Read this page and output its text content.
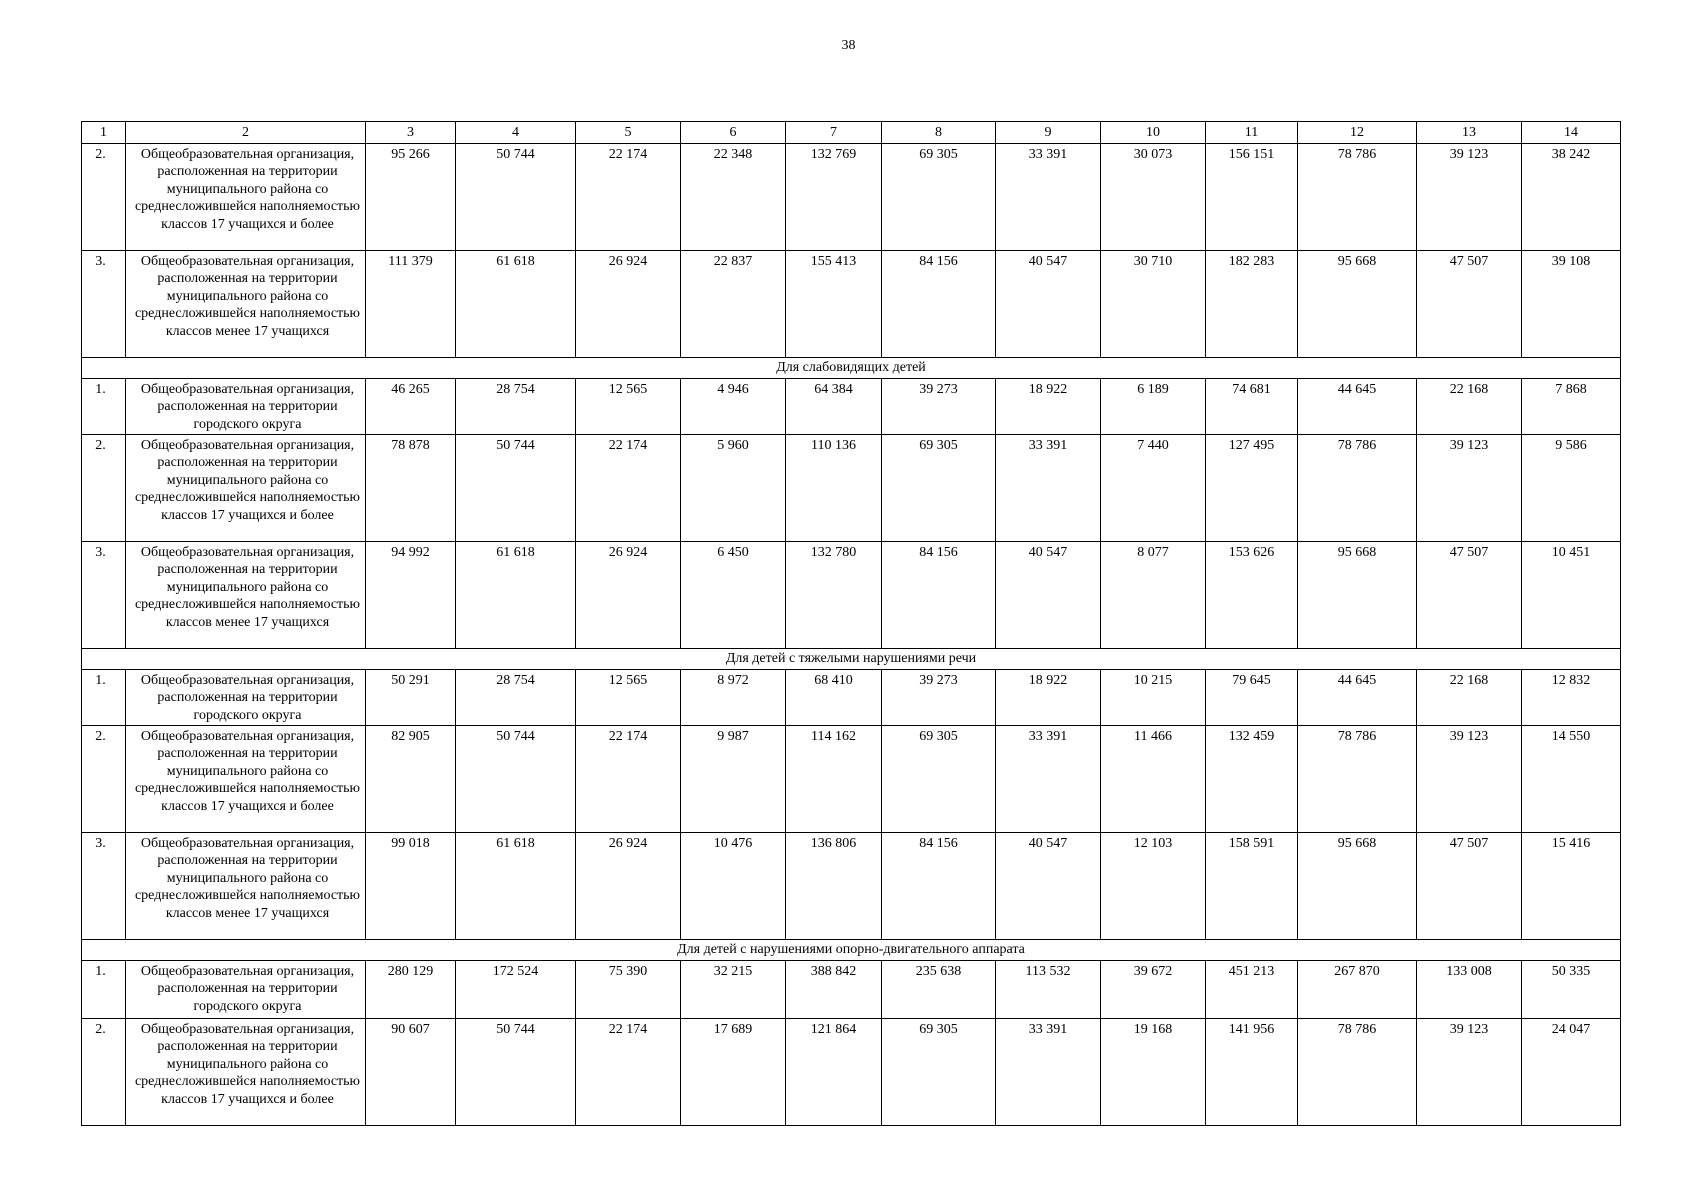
38
1	2	3	4	5	6	7	8	9	10	11	12	13	14
2.	Общеобразовательная организация, расположенная на территории муниципального района со среднесложившейся наполняемостью классов 17 учащихся и более	95 266	50 744	22 174	22 348	132 769	69 305	33 391	30 073	156 151	78 786	39 123	38 242
3.	Общеобразовательная организация, расположенная на территории муниципального района со среднесложившейся наполняемостью классов менее 17 учащихся	111 379	61 618	26 924	22 837	155 413	84 156	40 547	30 710	182 283	95 668	47 507	39 108
Для слабовидящих детей													
1.	Общеобразовательная организация, расположенная на территории городского округа	46 265	28 754	12 565	4 946	64 384	39 273	18 922	6 189	74 681	44 645	22 168	7 868
2.	Общеобразовательная организация, расположенная на территории муниципального района со среднесложившейся наполняемостью классов 17 учащихся и более	78 878	50 744	22 174	5 960	110 136	69 305	33 391	7 440	127 495	78 786	39 123	9 586
3.	Общеобразовательная организация, расположенная на территории муниципального района со среднесложившейся наполняемостью классов менее 17 учащихся	94 992	61 618	26 924	6 450	132 780	84 156	40 547	8 077	153 626	95 668	47 507	10 451
Для детей с тяжелыми нарушениями речи													
1.	Общеобразовательная организация, расположенная на территории городского округа	50 291	28 754	12 565	8 972	68 410	39 273	18 922	10 215	79 645	44 645	22 168	12 832
2.	Общеобразовательная организация, расположенная на территории муниципального района со среднесложившейся наполняемостью классов 17 учащихся и более	82 905	50 744	22 174	9 987	114 162	69 305	33 391	11 466	132 459	78 786	39 123	14 550
3.	Общеобразовательная организация, расположенная на территории муниципального района со среднесложившейся наполняемостью классов менее 17 учащихся	99 018	61 618	26 924	10 476	136 806	84 156	40 547	12 103	158 591	95 668	47 507	15 416
Для детей с нарушениями опорно-двигательного аппарата													
1.	Общеобразовательная организация, расположенная на территории городского округа	280 129	172 524	75 390	32 215	388 842	235 638	113 532	39 672	451 213	267 870	133 008	50 335
2.	Общеобразовательная организация, расположенная на территории муниципального района со среднесложившейся наполняемостью классов 17 учащихся и более	90 607	50 744	22 174	17 689	121 864	69 305	33 391	19 168	141 956	78 786	39 123	24 047
